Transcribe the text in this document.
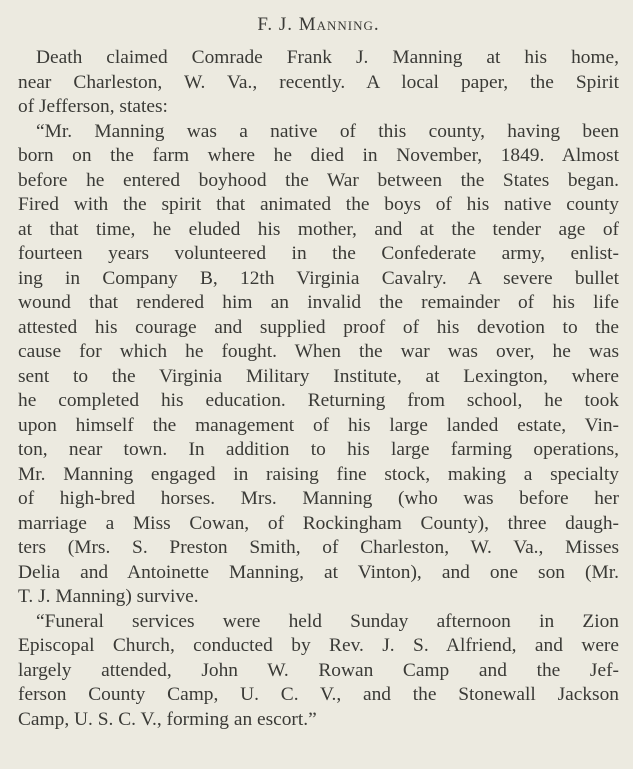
F. J. Manning.

Death claimed Comrade Frank J. Manning at his home,
near Charleston, W. Va., recently. A local paper, the Spirit
of Jefferson, states:

“Mr. Manning was a native of this county, having been
born on the farm where he died in November, 1849. Almost
before he entered boyhood the War between the States began.
Fired with the spirit that animated the boys of his native county
at that time, he eluded his mother, and at the tender age of
fourteen years volunteered in the Confederate army, enlist-
ing in Company B, 12th Virginia Cavalry. A severe bullet
wound that rendered him an invalid the remainder of his life
attested his courage and supplied proof of his devotion to the
cause for which he fought. When the war was over, he was
sent to the Virginia Military Institute, at Lexington, where
he completed his education. Returning from school, he took
upon himself the management of his large landed estate, Vin-
ton, near town. In addition to his large farming operations,
Mr. Manning engaged in raising fine stock, making a specialty
of high-bred horses. Mrs. Manning (who was before her
marriage a Miss Cowan, of Rockingham County), three daugh-
ters (Mrs. S. Preston Smith, of Charleston, W. Va., Misses
Delia and Antoinette Manning, at Vinton), and one son (Mr.
T. J. Manning) survive.

“Funeral services were held Sunday afternoon in Zion
Episcopal Church, conducted by Rev. J. S. Alfriend, and were
largely attended, John W. Rowan Camp and the Jef-
ferson County Camp, U. C. V., and the Stonewall Jackson
Camp, U. S. C. V., forming an escort.”
